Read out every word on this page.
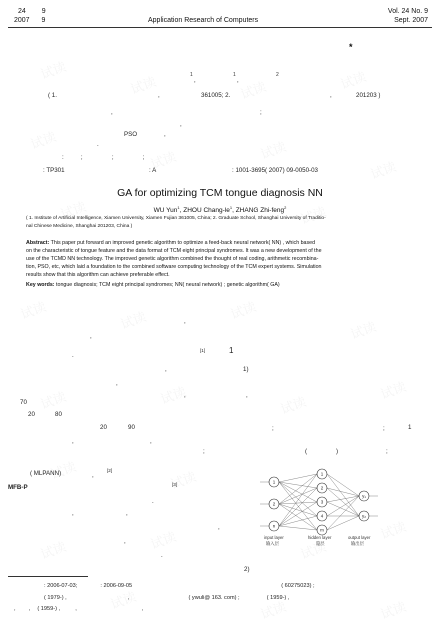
24 9
2007 9	Application Research of Computers
Vol. 24 No. 9
Sept. 2007
*
1	1	2
,	,
( 1.	,	361005; 2.	,	201203 )
,	;
,
PSO	,
.
:          ;                 ;                 ;
: TP301	: A	: 1001-3695( 2007) 09-0050-03
GA for optimizing TCM tongue diagnosis NN
WU Yun$^1$, ZHOU Chang-$le^1$, ZHANG Zhi-feng$^2$
( 1. Institute of Artificial Intelligence, Xiamen University, Xiamen Fujian 361005, China; 2. Graduate School, Shanghai University of Traditio-
nal Chinese Medicine, Shanghai 201203, China )
Abstract: This paper put forward an improved genetic algorithm to optimize a feed-back neural network( NN) , which based
on the characteristic of tongue feature and the data format of TCM eight principal syndromes. It was a new development of the
use of the TCMD NN technology. The improved genetic algorithm combined the thought of real coding, arithmetic recombina-
tion, PSO, etc, which laid a foundation to the combined software computing technology of the TCM expert systems. Simulation
results show that this algorithm can achieve preferable effect.
Key words: tongue diagnosis; TCM eight principal syndromes; NN( neural network) ; genetic algorithm( GA)
,
,
[1]	1
.
,	1)
,
70
20	80
,	,
20	90	;	;	1
,	,
(	)	;
;
( MLPANN)	[2]
,
MFB-P	[3]
.
,	,
,
,
.
2)
1
2
n
1
2
3
4
m
y₁
y₂
input layer
输入层
hidden layer
隐层
output layer
输出层
: 2006-07-03;	: 2006-09-05	( 60275023) ;
( 1979-) ,	,	( ywuli@ 163. com) ;	( 1959-) ,
, , ( 1959-) ,	,	,
